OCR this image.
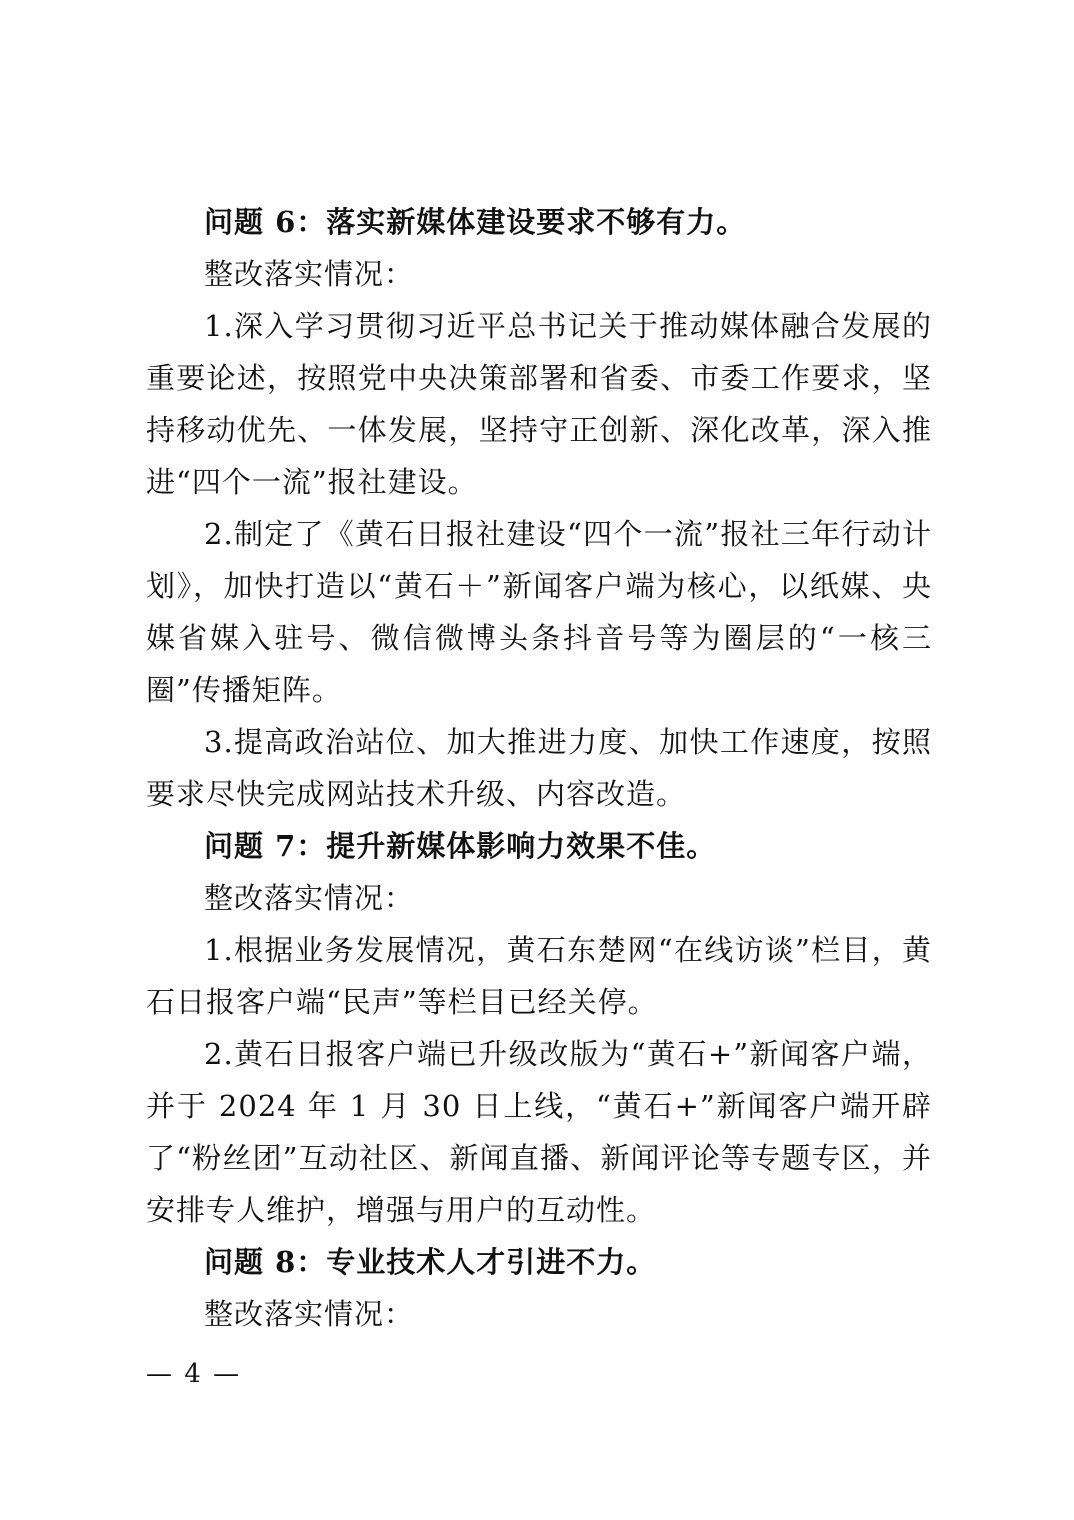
问题 6：落实新媒体建设要求不够有力。

整改落实情况：

1.深入学习贯彻习近平总书记关于推动媒体融合发展的重要论述，按照党中央决策部署和省委、市委工作要求，坚持移动优先、一体发展，坚持守正创新、深化改革，深入推进“四个一流”报社建设。

2.制定了《黄石日报社建设“四个一流”报社三年行动计划》，加快打造以“黄石＋”新闻客户端为核心，以纸媒、央媒省媒入驻号、微信微博头条抖音号等为圈层的“一核三圈”传播矩阵。

3.提高政治站位、加大推进力度、加快工作速度，按照要求尽快完成网站技术升级、内容改造。

问题 7：提升新媒体影响力效果不佳。

整改落实情况：

1.根据业务发展情况，黄石东楚网“在线访谈”栏目，黄石日报客户端“民声”等栏目已经关停。

2.黄石日报客户端已升级改版为“黄石+”新闻客户端，并于 2024 年 1 月 30 日上线，“黄石+”新闻客户端开辟了“粉丝团”互动社区、新闻直播、新闻评论等专题专区，并安排专人维护，增强与用户的互动性。

问题 8：专业技术人才引进不力。

整改落实情况：

— 4 —
